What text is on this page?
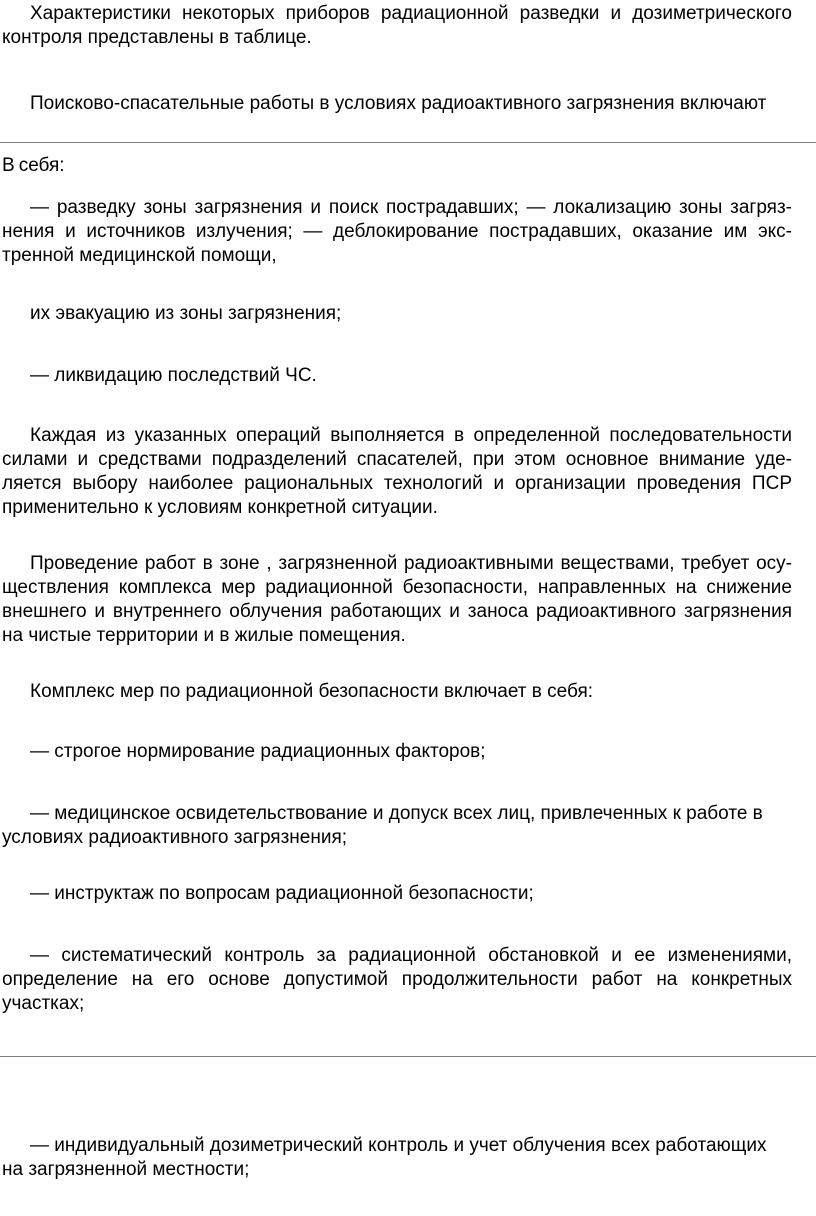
Характеристики некоторых приборов радиационной разведки и дозиметрического контроля представлены в таблице.

Поисково-спасательные работы в условиях радиоактивного загрязнения включают

В себя:

— разведку зоны загрязнения и поиск пострадавших; — локализацию зоны загряз-нения и источников излучения; — деблокирование пострадавших, оказание им экс-тренной медицинской помощи,

их эвакуацию из зоны загрязнения;

— ликвидацию последствий ЧС.

Каждая из указанных операций выполняется в определенной последовательности силами и средствами подразделений спасателей, при этом основное внимание уде-ляется выбору наиболее рациональных технологий и организации проведения ПСР применительно к условиям конкретной ситуации.

Проведение работ в зоне , загрязненной радиоактивными веществами, требует осу-ществления комплекса мер радиационной безопасности, направленных на снижение внешнего и внутреннего облучения работающих и заноса радиоактивного загрязнения на чистые территории и в жилые помещения.

Комплекс мер по радиационной безопасности включает в себя:

— строгое нормирование радиационных факторов;

— медицинское освидетельствование и допуск всех лиц, привлеченных к работе в условиях радиоактивного загрязнения;

— инструктаж по вопросам радиационной безопасности;

— систематический контроль за радиационной обстановкой и ее изменениями, определение на его основе допустимой продолжительности работ на конкретных участках;

— индивидуальный дозиметрический контроль и учет облучения всех работающих на загрязненной местности;
